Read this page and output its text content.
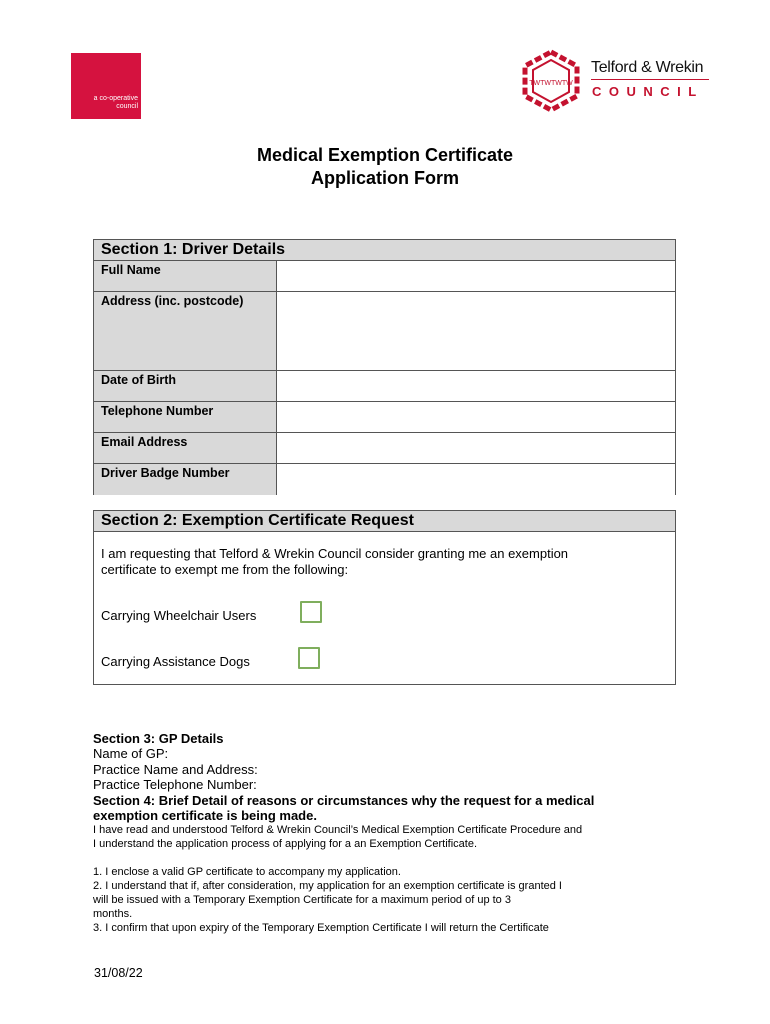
a co-operative
council
TWTWTWTW
Telford & Wrekin
COUNCIL
Medical Exemption Certificate
Application Form
Section 1: Driver Details
Full Name
Address (inc. postcode)
Date of Birth
Telephone Number
Email Address
Driver Badge Number
Section 2: Exemption Certificate Request
I am requesting that Telford & Wrekin Council consider granting me an exemption
certificate to exempt me from the following:
Carrying Wheelchair Users
Carrying Assistance Dogs
Section 3: GP Details
Name of GP:
Practice Name and Address:
Practice Telephone Number:
Section 4: Brief Detail of reasons or circumstances why the request for a medical
exemption certificate is being made.
I have read and understood Telford & Wrekin Council’s Medical Exemption Certificate Procedure and
I understand the application process of applying for a an Exemption Certificate.
1. I enclose a valid GP certificate to accompany my application.
2. I understand that if, after consideration, my application for an exemption certificate is granted I
will be issued with a Temporary Exemption Certificate for a maximum period of up to 3
months.
3. I confirm that upon expiry of the Temporary Exemption Certificate I will return the Certificate
31/08/22
